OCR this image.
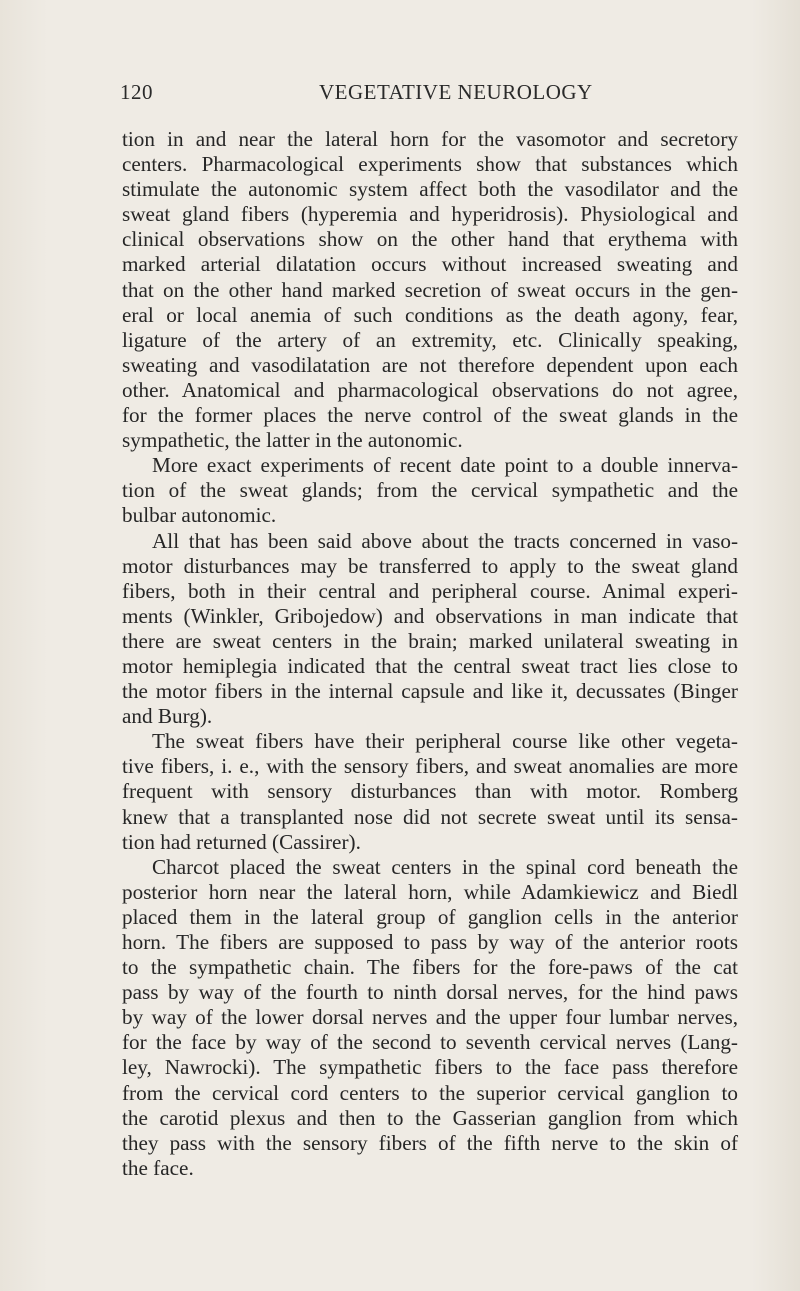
120	VEGETATIVE NEUROLOGY

tion in and near the lateral horn for the vasomotor and secretory
centers. Pharmacological experiments show that substances which
stimulate the autonomic system affect both the vasodilator and the
sweat gland fibers (hyperemia and hyperidrosis). Physiological and
clinical observations show on the other hand that erythema with
marked arterial dilatation occurs without increased sweating and
that on the other hand marked secretion of sweat occurs in the gen-
eral or local anemia of such conditions as the death agony, fear,
ligature of the artery of an extremity, etc. Clinically speaking,
sweating and vasodilatation are not therefore dependent upon each
other. Anatomical and pharmacological observations do not agree,
for the former places the nerve control of the sweat glands in the
sympathetic, the latter in the autonomic.

More exact experiments of recent date point to a double innerva-
tion of the sweat glands; from the cervical sympathetic and the
bulbar autonomic.

All that has been said above about the tracts concerned in vaso-
motor disturbances may be transferred to apply to the sweat gland
fibers, both in their central and peripheral course. Animal experi-
ments (Winkler, Gribojedow) and observations in man indicate that
there are sweat centers in the brain; marked unilateral sweating in
motor hemiplegia indicated that the central sweat tract lies close to
the motor fibers in the internal capsule and like it, decussates (Binger
and Burg).

The sweat fibers have their peripheral course like other vegeta-
tive fibers, i. e., with the sensory fibers, and sweat anomalies are more
frequent with sensory disturbances than with motor. Romberg
knew that a transplanted nose did not secrete sweat until its sensa-
tion had returned (Cassirer).

Charcot placed the sweat centers in the spinal cord beneath the
posterior horn near the lateral horn, while Adamkiewicz and Biedl
placed them in the lateral group of ganglion cells in the anterior
horn. The fibers are supposed to pass by way of the anterior roots
to the sympathetic chain. The fibers for the fore-paws of the cat
pass by way of the fourth to ninth dorsal nerves, for the hind paws
by way of the lower dorsal nerves and the upper four lumbar nerves,
for the face by way of the second to seventh cervical nerves (Lang-
ley, Nawrocki). The sympathetic fibers to the face pass therefore
from the cervical cord centers to the superior cervical ganglion to
the carotid plexus and then to the Gasserian ganglion from which
they pass with the sensory fibers of the fifth nerve to the skin of
the face.
